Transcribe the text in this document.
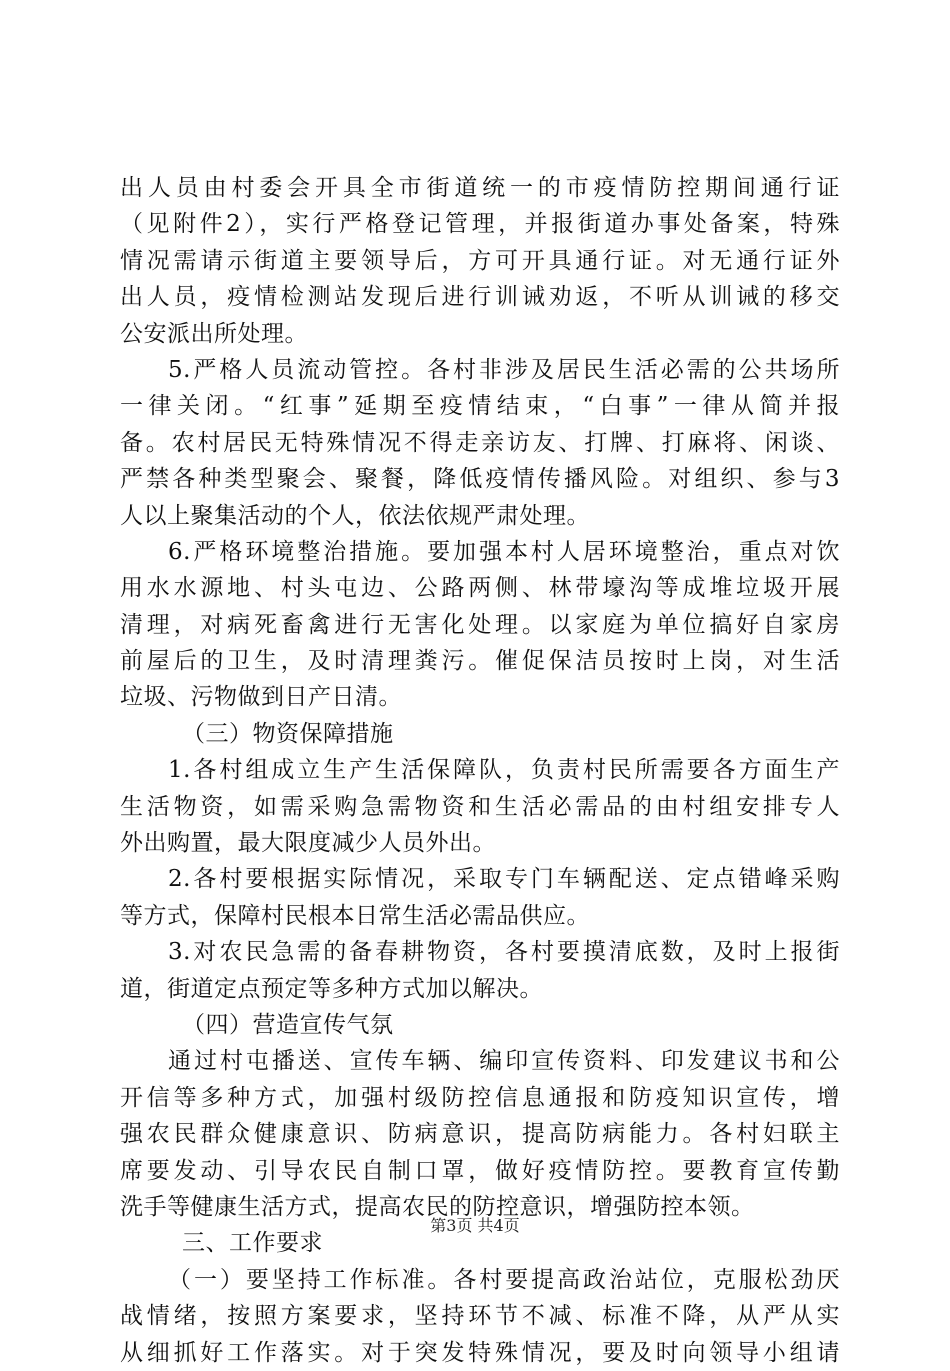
出人员由村委会开具全市街道统一的市疫情防控期间通行证
（见附件2），实行严格登记管理，并报街道办事处备案，特殊
情况需请示街道主要领导后，方可开具通行证。对无通行证外
出人员，疫情检测站发现后进行训诫劝返，不听从训诫的移交
公安派出所处理。
5.严格人员流动管控。各村非涉及居民生活必需的公共场所
一律关闭。“红事”延期至疫情结束，“白事”一律从简并报
备。农村居民无特殊情况不得走亲访友、打牌、打麻将、闲谈、
严禁各种类型聚会、聚餐，降低疫情传播风险。对组织、参与3
人以上聚集活动的个人，依法依规严肃处理。
6.严格环境整治措施。要加强本村人居环境整治，重点对饮
用水水源地、村头屯边、公路两侧、林带壕沟等成堆垃圾开展
清理，对病死畜禽进行无害化处理。以家庭为单位搞好自家房
前屋后的卫生，及时清理粪污。催促保洁员按时上岗，对生活
垃圾、污物做到日产日清。
（三）物资保障措施
1.各村组成立生产生活保障队，负责村民所需要各方面生产
生活物资，如需采购急需物资和生活必需品的由村组安排专人
外出购置，最大限度减少人员外出。
2.各村要根据实际情况，采取专门车辆配送、定点错峰采购
等方式，保障村民根本日常生活必需品供应。
3.对农民急需的备春耕物资，各村要摸清底数，及时上报街
道，街道定点预定等多种方式加以解决。
（四）营造宣传气氛
通过村屯播送、宣传车辆、编印宣传资料、印发建议书和公
开信等多种方式，加强村级防控信息通报和防疫知识宣传，增
强农民群众健康意识、防病意识，提高防病能力。各村妇联主
席要发动、引导农民自制口罩，做好疫情防控。要教育宣传勤
洗手等健康生活方式，提高农民的防控意识，增强防控本领。
三、工作要求
（一）要坚持工作标准。各村要提高政治站位，克服松劲厌
战情绪，按照方案要求，坚持环节不减、标准不降，从严从实
从细抓好工作落实。对于突发特殊情况，要及时向领导小组请
第3页 共4页
